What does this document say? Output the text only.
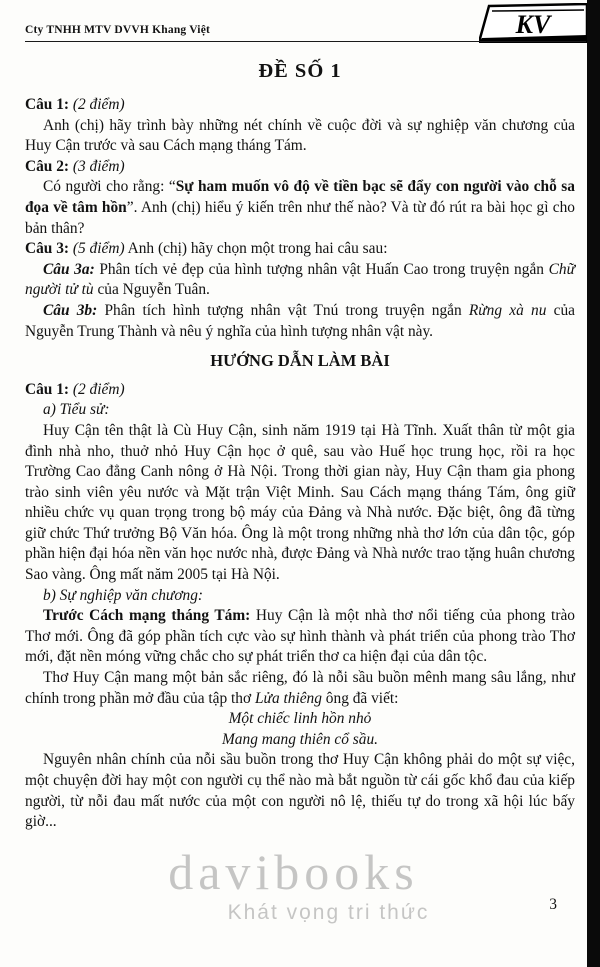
KV
Cty TNHH MTV DVVH Khang Việt
ĐỀ SỐ 1

Câu 1: (2 điểm)

Anh (chị) hãy trình bày những nét chính về cuộc đời và sự nghiệp văn chương của Huy Cận trước và sau Cách mạng tháng Tám.

Câu 2: (3 điểm)

Có người cho rằng: “Sự ham muốn vô độ về tiền bạc sẽ đẩy con người vào chỗ sa đọa về tâm hồn”. Anh (chị) hiểu ý kiến trên như thế nào? Và từ đó rút ra bài học gì cho bản thân?

Câu 3: (5 điểm) Anh (chị) hãy chọn một trong hai câu sau:

Câu 3a: Phân tích vẻ đẹp của hình tượng nhân vật Huấn Cao trong truyện ngắn Chữ người tử tù của Nguyễn Tuân.

Câu 3b: Phân tích hình tượng nhân vật Tnú trong truyện ngắn Rừng xà nu của Nguyễn Trung Thành và nêu ý nghĩa của hình tượng nhân vật này.

HƯỚNG DẪN LÀM BÀI

Câu 1: (2 điểm)

a) Tiểu sử:

Huy Cận tên thật là Cù Huy Cận, sinh năm 1919 tại Hà Tĩnh. Xuất thân từ một gia đình nhà nho, thuở nhỏ Huy Cận học ở quê, sau vào Huế học trung học, rồi ra học Trường Cao đẳng Canh nông ở Hà Nội. Trong thời gian này, Huy Cận tham gia phong trào sinh viên yêu nước và Mặt trận Việt Minh. Sau Cách mạng tháng Tám, ông giữ nhiều chức vụ quan trọng trong bộ máy của Đảng và Nhà nước. Đặc biệt, ông đã từng giữ chức Thứ trưởng Bộ Văn hóa. Ông là một trong những nhà thơ lớn của dân tộc, góp phần hiện đại hóa nền văn học nước nhà, được Đảng và Nhà nước trao tặng huân chương Sao vàng. Ông mất năm 2005 tại Hà Nội.

b) Sự nghiệp văn chương:

Trước Cách mạng tháng Tám: Huy Cận là một nhà thơ nổi tiếng của phong trào Thơ mới. Ông đã góp phần tích cực vào sự hình thành và phát triển của phong trào Thơ mới, đặt nền móng vững chắc cho sự phát triển thơ ca hiện đại của dân tộc.

Thơ Huy Cận mang một bản sắc riêng, đó là nỗi sầu buồn mênh mang sâu lắng, như chính trong phần mở đầu của tập thơ Lửa thiêng ông đã viết:

Một chiếc linh hồn nhỏ

Mang mang thiên cổ sầu.

Nguyên nhân chính của nỗi sầu buồn trong thơ Huy Cận không phải do một sự việc, một chuyện đời hay một con người cụ thể nào mà bắt nguồn từ cái gốc khổ đau của kiếp người, từ nỗi đau mất nước của một con người nô lệ, thiếu tự do trong xã hội lúc bấy giờ...

davibooks
Khát vọng tri thức	3
